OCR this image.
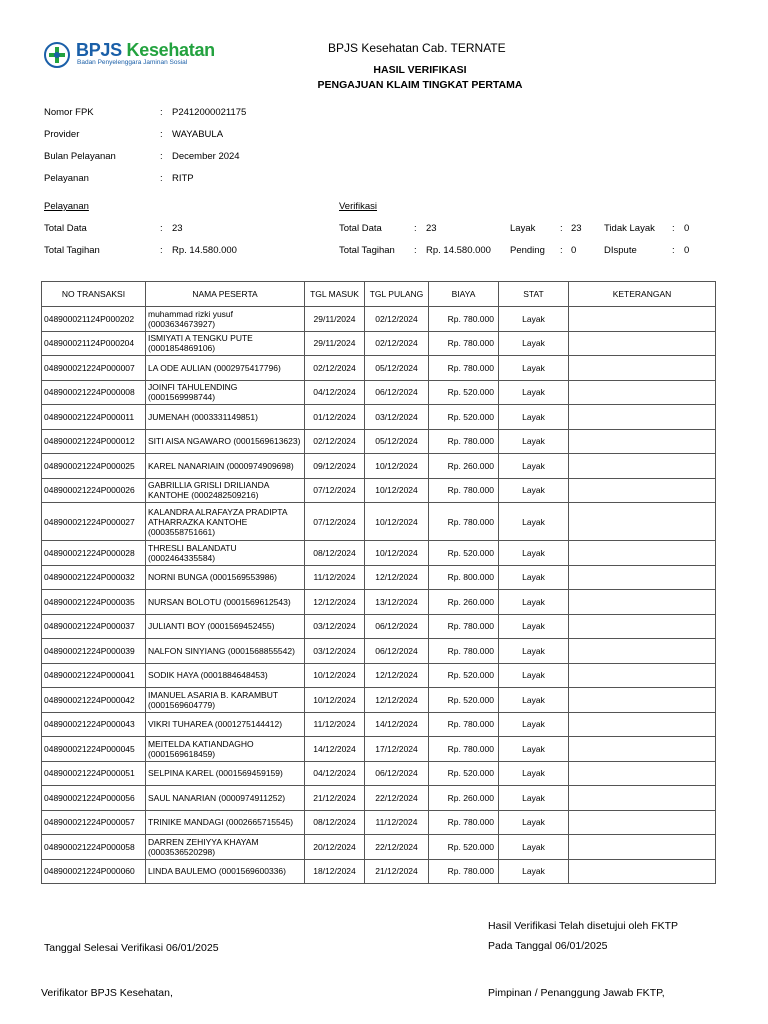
BPJS Kesehatan
Badan Penyelenggara Jaminan Sosial
BPJS Kesehatan Cab. TERNATE
HASIL VERIFIKASI
PENGAJUAN KLAIM TINGKAT PERTAMA
Nomor FPK	: P2412000021175
Provider	: WAYABULA
Bulan Pelayanan	: December 2024
Pelayanan	: RITP
Pelayanan	Verifikasi
Total Data	: 23
Total Tagihan	: Rp. 14.580.000
Total Data	: 23
Total Tagihan : Rp. 14.580.000
Layak	: 23
Pending : 0
Tidak Layak : 0
DIspute	: 0
NO TRANSAKSI	NAMA PESERTA	TGL MASUK	TGL PULANG	BIAYA	STAT	KETERANGAN
048900021124P000202	muhammad rizki yusuf (0003634673927)	29/11/2024	02/12/2024	Rp. 780.000	Layak	
048900021124P000204	ISMIYATI A TENGKU PUTE (0001854869106)	29/11/2024	02/12/2024	Rp. 780.000	Layak	
048900021224P000007	LA ODE AULIAN (0002975417796)	02/12/2024	05/12/2024	Rp. 780.000	Layak	
048900021224P000008	JOINFI TAHULENDING (0001569998744)	04/12/2024	06/12/2024	Rp. 520.000	Layak	
048900021224P000011	JUMENAH (0003331149851)	01/12/2024	03/12/2024	Rp. 520.000	Layak	
048900021224P000012	SITI AISA NGAWARO (0001569613623)	02/12/2024	05/12/2024	Rp. 780.000	Layak	
048900021224P000025	KAREL NANARIAIN (0000974909698)	09/12/2024	10/12/2024	Rp. 260.000	Layak	
048900021224P000026	GABRILLIA GRISLI DRILIANDA KANTOHE (0002482509216)	07/12/2024	10/12/2024	Rp. 780.000	Layak	
048900021224P000027	KALANDRA ALRAFAYZA PRADIPTA ATHARRAZKA KANTOHE (0003558751661)	07/12/2024	10/12/2024	Rp. 780.000	Layak	
048900021224P000028	THRESLI BALANDATU (0002464335584)	08/12/2024	10/12/2024	Rp. 520.000	Layak	
048900021224P000032	NORNI BUNGA (0001569553986)	11/12/2024	12/12/2024	Rp. 800.000	Layak	
048900021224P000035	NURSAN BOLOTU (0001569612543)	12/12/2024	13/12/2024	Rp. 260.000	Layak	
048900021224P000037	JULIANTI BOY (0001569452455)	03/12/2024	06/12/2024	Rp. 780.000	Layak	
048900021224P000039	NALFON SINYIANG (0001568855542)	03/12/2024	06/12/2024	Rp. 780.000	Layak	
048900021224P000041	SODIK HAYA (0001884648453)	10/12/2024	12/12/2024	Rp. 520.000	Layak	
048900021224P000042	IMANUEL ASARIA B. KARAMBUT (0001569604779)	10/12/2024	12/12/2024	Rp. 520.000	Layak	
048900021224P000043	VIKRI TUHAREA (0001275144412)	11/12/2024	14/12/2024	Rp. 780.000	Layak	
048900021224P000045	MEITELDA KATIANDAGHO (0001569618459)	14/12/2024	17/12/2024	Rp. 780.000	Layak	
048900021224P000051	SELPINA KAREL (0001569459159)	04/12/2024	06/12/2024	Rp. 520.000	Layak	
048900021224P000056	SAUL NANARIAN (0000974911252)	21/12/2024	22/12/2024	Rp. 260.000	Layak	
048900021224P000057	TRINIKE MANDAGI (0002665715545)	08/12/2024	11/12/2024	Rp. 780.000	Layak	
048900021224P000058	DARREN ZEHIYYA KHAYAM (0003536520298)	20/12/2024	22/12/2024	Rp. 520.000	Layak	
048900021224P000060	LINDA BAULEMO (0001569600336)	18/12/2024	21/12/2024	Rp. 780.000	Layak	
Hasil Verifikasi Telah disetujui oleh FKTP
Pada Tanggal 06/01/2025
Tanggal Selesai Verifikasi 06/01/2025
Verifikator BPJS Kesehatan,	Pimpinan / Penanggung Jawab FKTP,
